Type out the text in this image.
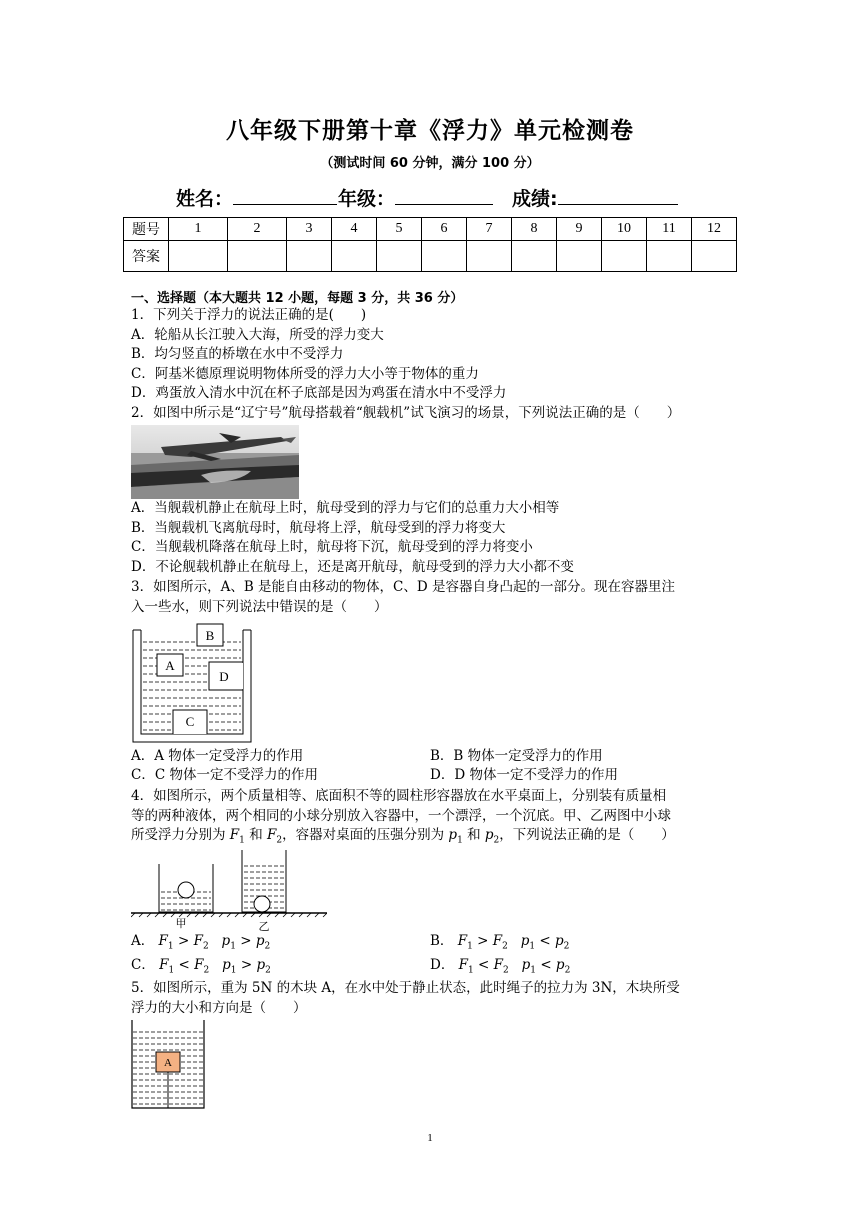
八年级下册第十章《浮力》单元检测卷
（测试时间 60 分钟，满分 100 分）
姓名：	年级：	成绩:
题号	1	2	3	4	5	6	7	8	9	10	11	12
答案												
一、选择题（本大题共 12 小题，每题 3 分，共 36 分）
1．下列关于浮力的说法正确的是(　　)
A．轮船从长江驶入大海，所受的浮力变大
B．均匀竖直的桥墩在水中不受浮力
C．阿基米德原理说明物体所受的浮力大小等于物体的重力
D．鸡蛋放入清水中沉在杯子底部是因为鸡蛋在清水中不受浮力
2．如图中所示是“辽宁号”航母搭载着“舰载机”试飞演习的场景，下列说法正确的是（　　）
A．当舰载机静止在航母上时，航母受到的浮力与它们的总重力大小相等
B．当舰载机飞离航母时，航母将上浮，航母受到的浮力将变大
C．当舰载机降落在航母上时，航母将下沉，航母受到的浮力将变小
D．不论舰载机静止在航母上，还是离开航母，航母受到的浮力大小都不变
3．如图所示，A、B 是能自由移动的物体，C、D 是容器自身凸起的一部分。现在容器里注
入一些水，则下列说法中错误的是（　　）
B
A
D
C
A．A 物体一定受浮力的作用	B．B 物体一定受浮力的作用
C．C 物体一定不受浮力的作用	D．D 物体一定不受浮力的作用
4．如图所示，两个质量相等、底面积不等的圆柱形容器放在水平桌面上，分别装有质量相
等的两种液体，两个相同的小球分别放入容器中，一个漂浮，一个沉底。甲、乙两图中小球
所受浮力分别为 $F_1$ 和 $F_2$，容器对桌面的压强分别为 $p_1$ 和 $p_2$，下列说法正确的是（　　）
甲	乙
A． $F_1 > F_2$ $p_1 > p_2$	B． $F_1 > F_2$ $p_1 < p_2$
C． $F_1 < F_2$ $p_1 > p_2$	D． $F_1 < F_2$ $p_1 < p_2$
5．如图所示，重为 5N 的木块 A，在水中处于静止状态，此时绳子的拉力为 3N，木块所受
浮力的大小和方向是（　　）
A
1
